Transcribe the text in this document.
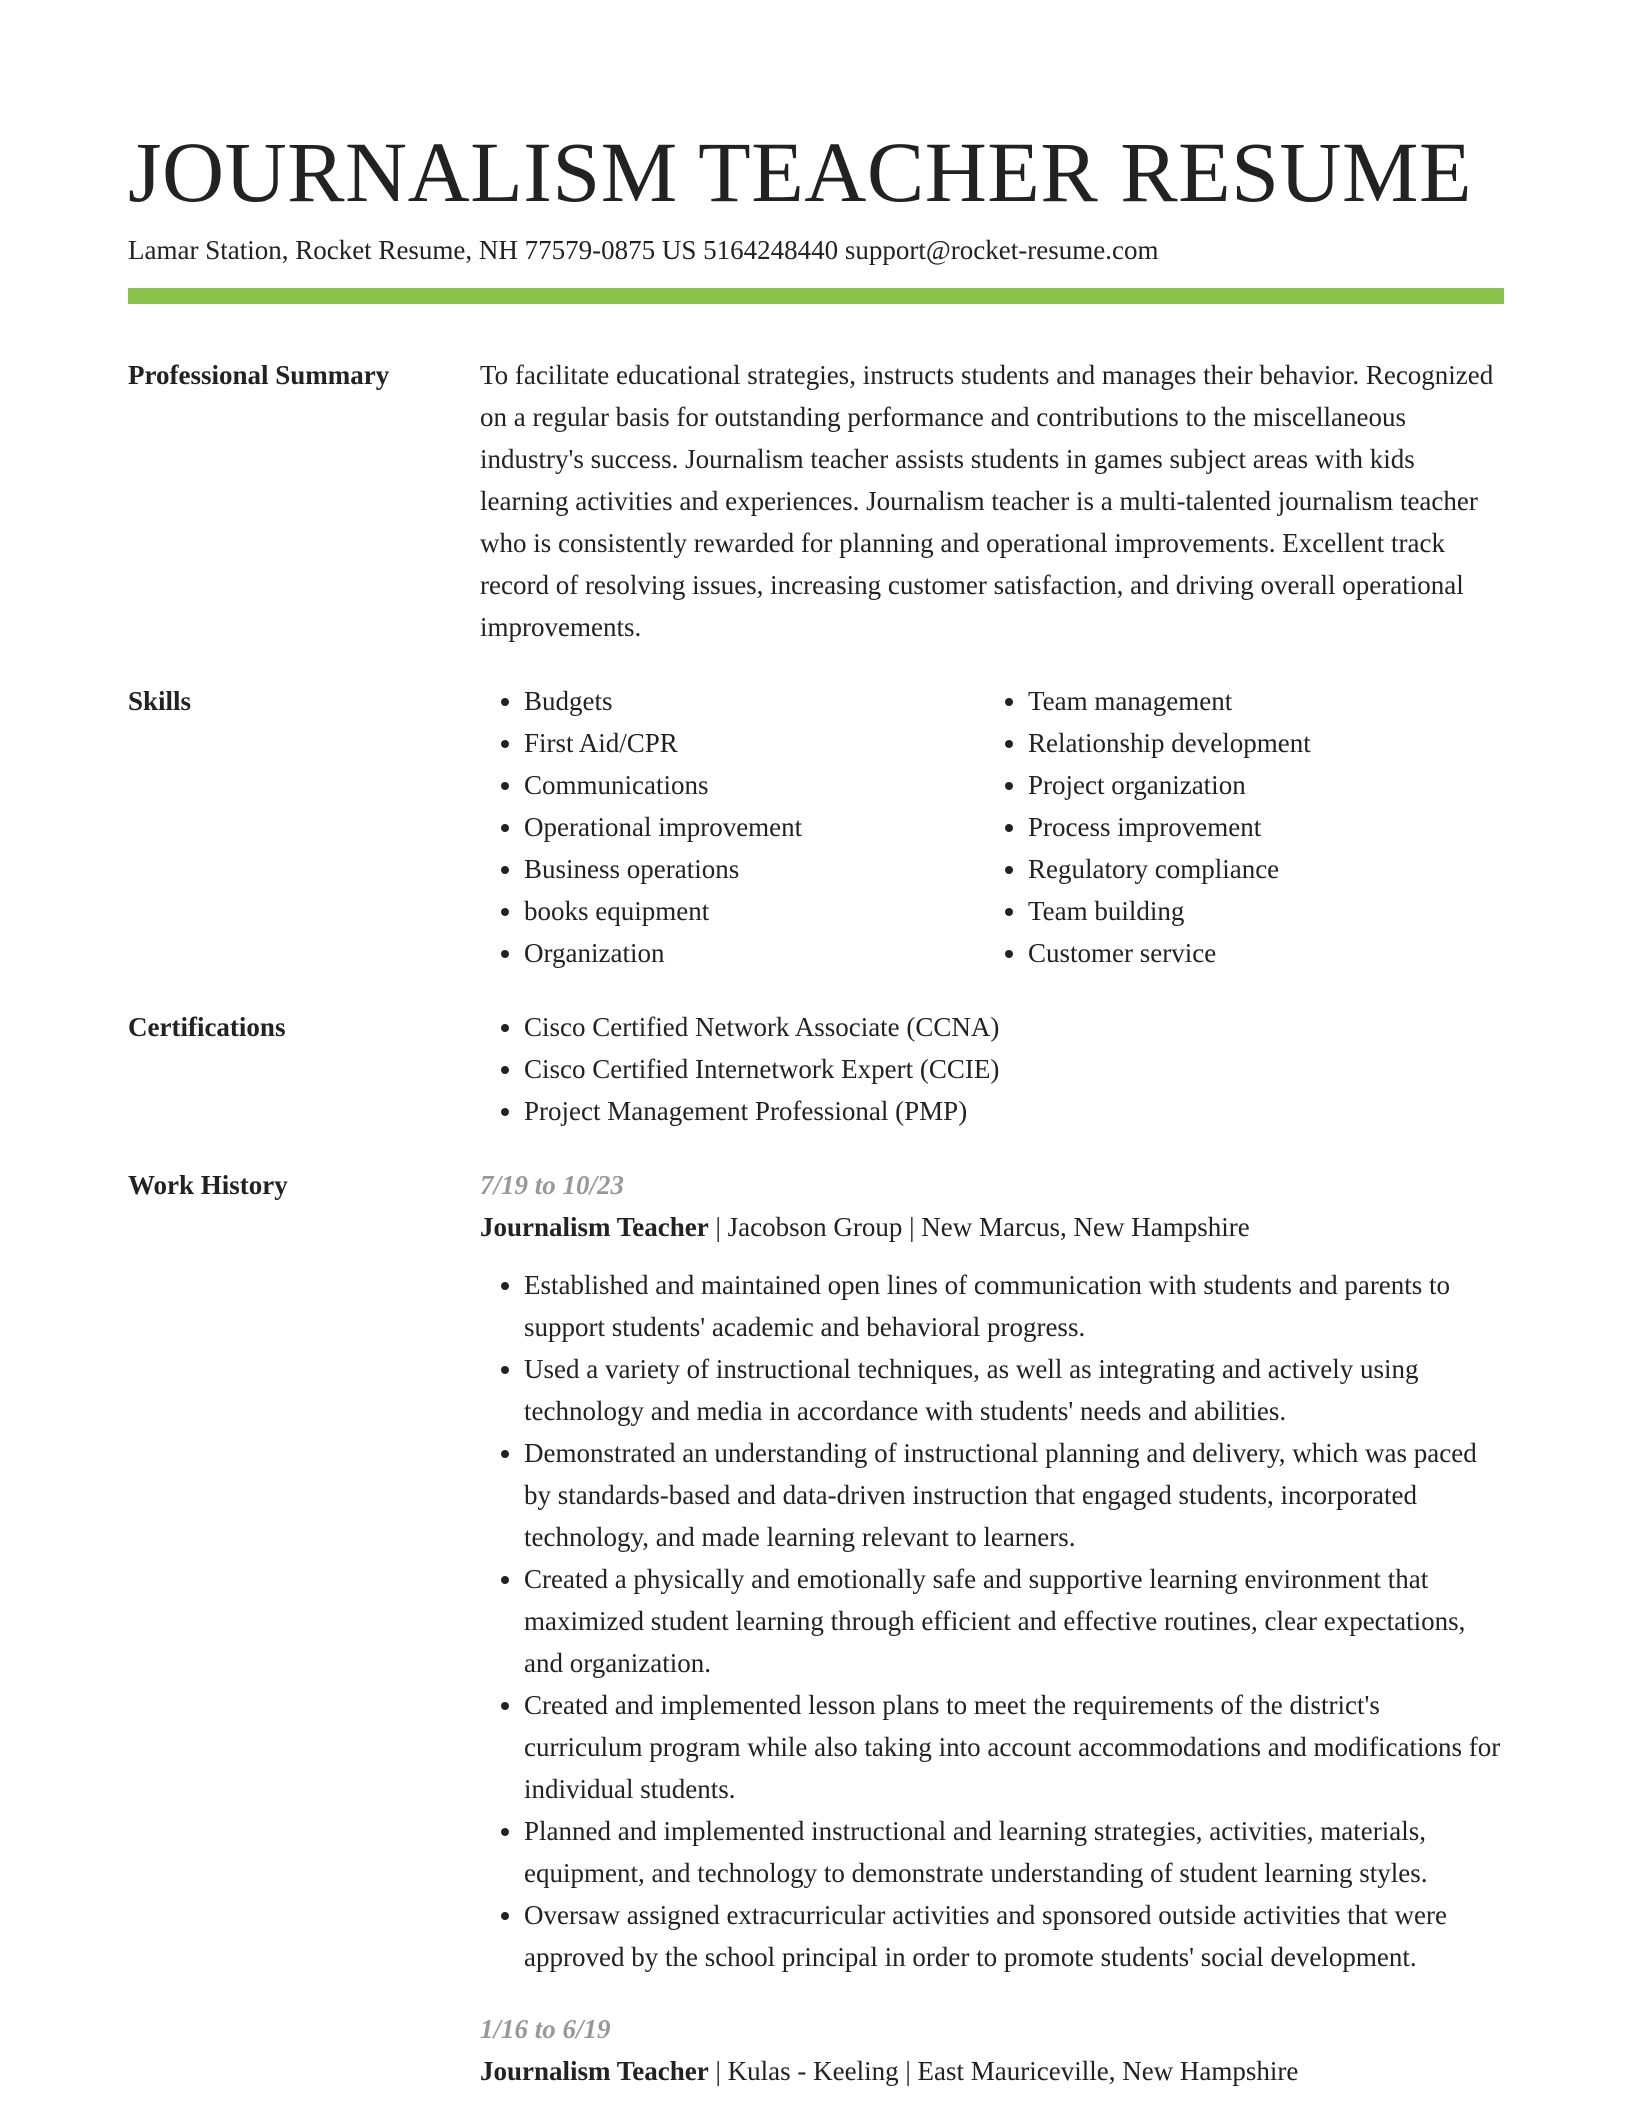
JOURNALISM TEACHER RESUME
Lamar Station, Rocket Resume, NH 77579-0875 US 5164248440 support@rocket-resume.com
Professional Summary	To facilitate educational strategies, instructs students and manages their behavior. Recognized on a regular basis for outstanding performance and contributions to the miscellaneous industry's success. Journalism teacher assists students in games subject areas with kids learning activities and experiences. Journalism teacher is a multi-talented journalism teacher who is consistently rewarded for planning and operational improvements. Excellent track record of resolving issues, increasing customer satisfaction, and driving overall operational improvements.
Skills	• Budgets
• First Aid/CPR
• Communications
• Operational improvement
• Business operations
• books equipment
• Organization
• Team management
• Relationship development
• Project organization
• Process improvement
• Regulatory compliance
• Team building
• Customer service
Certifications	• Cisco Certified Network Associate (CCNA)
• Cisco Certified Internetwork Expert (CCIE)
• Project Management Professional (PMP)
Work History	7/19 to 10/23
Journalism Teacher | Jacobson Group | New Marcus, New Hampshire
• Established and maintained open lines of communication with students and parents to support students' academic and behavioral progress.
• Used a variety of instructional techniques, as well as integrating and actively using technology and media in accordance with students' needs and abilities.
• Demonstrated an understanding of instructional planning and delivery, which was paced by standards-based and data-driven instruction that engaged students, incorporated technology, and made learning relevant to learners.
• Created a physically and emotionally safe and supportive learning environment that maximized student learning through efficient and effective routines, clear expectations, and organization.
• Created and implemented lesson plans to meet the requirements of the district's curriculum program while also taking into account accommodations and modifications for individual students.
• Planned and implemented instructional and learning strategies, activities, materials, equipment, and technology to demonstrate understanding of student learning styles.
• Oversaw assigned extracurricular activities and sponsored outside activities that were approved by the school principal in order to promote students' social development.
1/16 to 6/19
Journalism Teacher | Kulas - Keeling | East Mauriceville, New Hampshire
